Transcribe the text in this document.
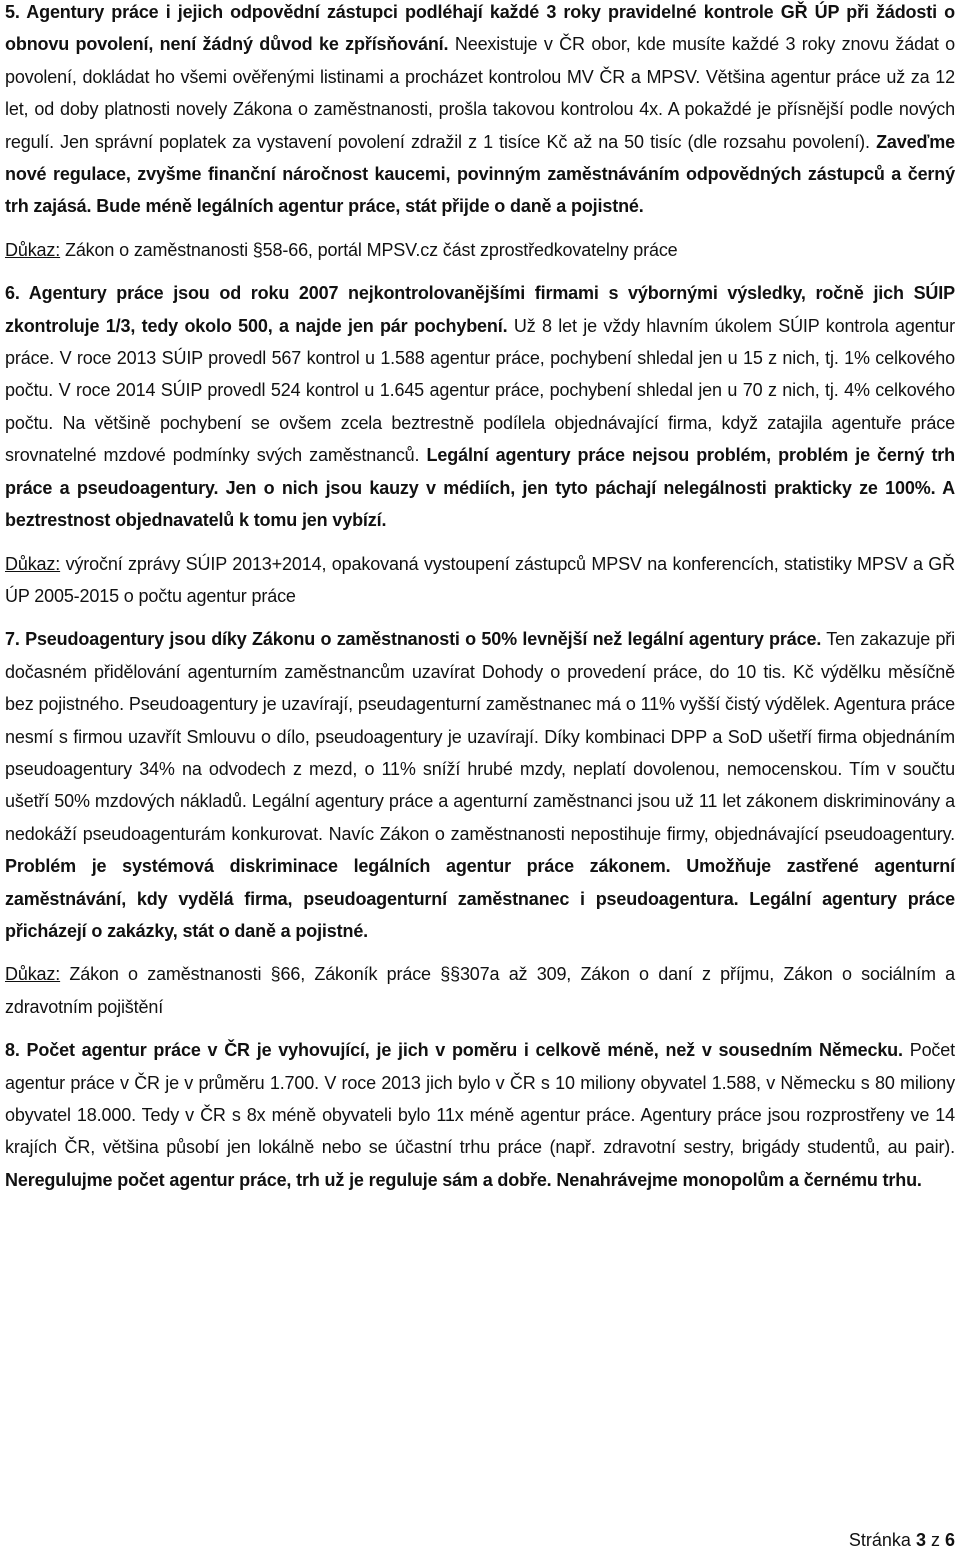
5. Agentury práce i jejich odpovědní zástupci podléhají každé 3 roky pravidelné kontrole GŘ ÚP při žádosti o obnovu povolení, není žádný důvod ke zpřísňování. Neexistuje v ČR obor, kde musíte každé 3 roky znovu žádat o povolení, dokládat ho všemi ověřenými listinami a procházet kontrolou MV ČR a MPSV. Většina agentur práce už za 12 let, od doby platnosti novely Zákona o zaměstnanosti, prošla takovou kontrolou 4x. A pokaždé je přísnější podle nových regulí. Jen správní poplatek za vystavení povolení zdražil z 1 tisíce Kč až na 50 tisíc (dle rozsahu povolení). Zaveďme nové regulace, zvyšme finanční náročnost kaucemi, povinným zaměstnáváním odpovědných zástupců a černý trh zajásá. Bude méně legálních agentur práce, stát přijde o daně a pojistné.

Důkaz: Zákon o zaměstnanosti §58-66, portál MPSV.cz část zprostředkovatelny práce

6. Agentury práce jsou od roku 2007 nejkontrolovanějšími firmami s výbornými výsledky, ročně jich SÚIP zkontroluje 1/3, tedy okolo 500, a najde jen pár pochybení. Už 8 let je vždy hlavním úkolem SÚIP kontrola agentur práce. V roce 2013 SÚIP provedl 567 kontrol u 1.588 agentur práce, pochybení shledal jen u 15 z nich, tj. 1% celkového počtu. V roce 2014 SÚIP provedl 524 kontrol u 1.645 agentur práce, pochybení shledal jen u 70 z nich, tj. 4% celkového počtu. Na většině pochybení se ovšem zcela beztrestně podílela objednávající firma, když zatajila agentuře práce srovnatelné mzdové podmínky svých zaměstnanců. Legální agentury práce nejsou problém, problém je černý trh práce a pseudoagentury. Jen o nich jsou kauzy v médiích, jen tyto páchají nelegálnosti prakticky ze 100%. A beztrestnost objednavatelů k tomu jen vybízí.

Důkaz: výroční zprávy SÚIP 2013+2014, opakovaná vystoupení zástupců MPSV na konferencích, statistiky MPSV a GŘ ÚP 2005-2015 o počtu agentur práce

7. Pseudoagentury jsou díky Zákonu o zaměstnanosti o 50% levnější než legální agentury práce. Ten zakazuje při dočasném přidělování agenturním zaměstnancům uzavírat Dohody o provedení práce, do 10 tis. Kč výdělku měsíčně bez pojistného. Pseudoagentury je uzavírají, pseudagenturní zaměstnanec má o 11% vyšší čistý výdělek. Agentura práce nesmí s firmou uzavřít Smlouvu o dílo, pseudoagentury je uzavírají. Díky kombinaci DPP a SoD ušetří firma objednáním pseudoagentury 34% na odvodech z mezd, o 11% sníží hrubé mzdy, neplatí dovolenou, nemocenskou. Tím v součtu ušetří 50% mzdových nákladů. Legální agentury práce a agenturní zaměstnanci jsou už 11 let zákonem diskriminovány a nedokáží pseudoagenturám konkurovat. Navíc Zákon o zaměstnanosti nepostihuje firmy, objednávající pseudoagentury. Problém je systémová diskriminace legálních agentur práce zákonem. Umožňuje zastřené agenturní zaměstnávání, kdy vydělá firma, pseudoagenturní zaměstnanec i pseudoagentura. Legální agentury práce přicházejí o zakázky, stát o daně a pojistné.

Důkaz: Zákon o zaměstnanosti §66, Zákoník práce §§307a až 309, Zákon o daní z příjmu, Zákon o sociálním a zdravotním pojištění

8. Počet agentur práce v ČR je vyhovující, je jich v poměru i celkově méně, než v sousedním Německu. Počet agentur práce v ČR je v průměru 1.700. V roce 2013 jich bylo v ČR s 10 miliony obyvatel 1.588, v Německu s 80 miliony obyvatel 18.000. Tedy v ČR s 8x méně obyvateli bylo 11x méně agentur práce. Agentury práce jsou rozprostřeny ve 14 krajích ČR, většina působí jen lokálně nebo se účastní trhu práce (např. zdravotní sestry, brigády studentů, au pair). Neregulujme počet agentur práce, trh už je reguluje sám a dobře. Nenahrávejme monopolům a černému trhu.

Stránka 3 z 6
